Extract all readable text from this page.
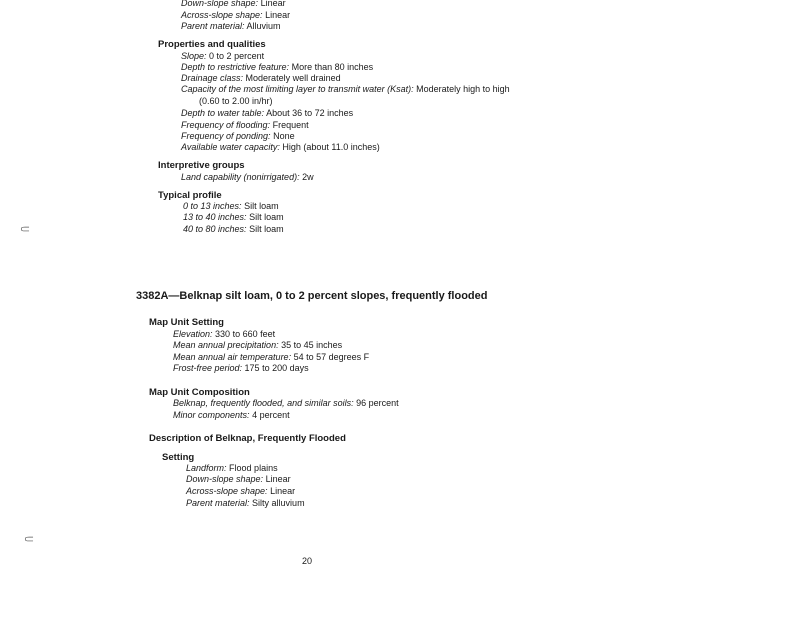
Down-slope shape: Linear
Across-slope shape: Linear
Parent material: Alluvium
Properties and qualities
Slope: 0 to 2 percent
Depth to restrictive feature: More than 80 inches
Drainage class: Moderately well drained
Capacity of the most limiting layer to transmit water (Ksat): Moderately high to high
(0.60 to 2.00 in/hr)
Depth to water table: About 36 to 72 inches
Frequency of flooding: Frequent
Frequency of ponding: None
Available water capacity: High (about 11.0 inches)
Interpretive groups
Land capability (nonirrigated): 2w
Typical profile
0 to 13 inches: Silt loam
13 to 40 inches: Silt loam
40 to 80 inches: Silt loam
3382A—Belknap silt loam, 0 to 2 percent slopes, frequently flooded
Map Unit Setting
Elevation: 330 to 660 feet
Mean annual precipitation: 35 to 45 inches
Mean annual air temperature: 54 to 57 degrees F
Frost-free period: 175 to 200 days
Map Unit Composition
Belknap, frequently flooded, and similar soils: 96 percent
Minor components: 4 percent
Description of Belknap, Frequently Flooded
Setting
Landform: Flood plains
Down-slope shape: Linear
Across-slope shape: Linear
Parent material: Silty alluvium
20
⸦
⸦
